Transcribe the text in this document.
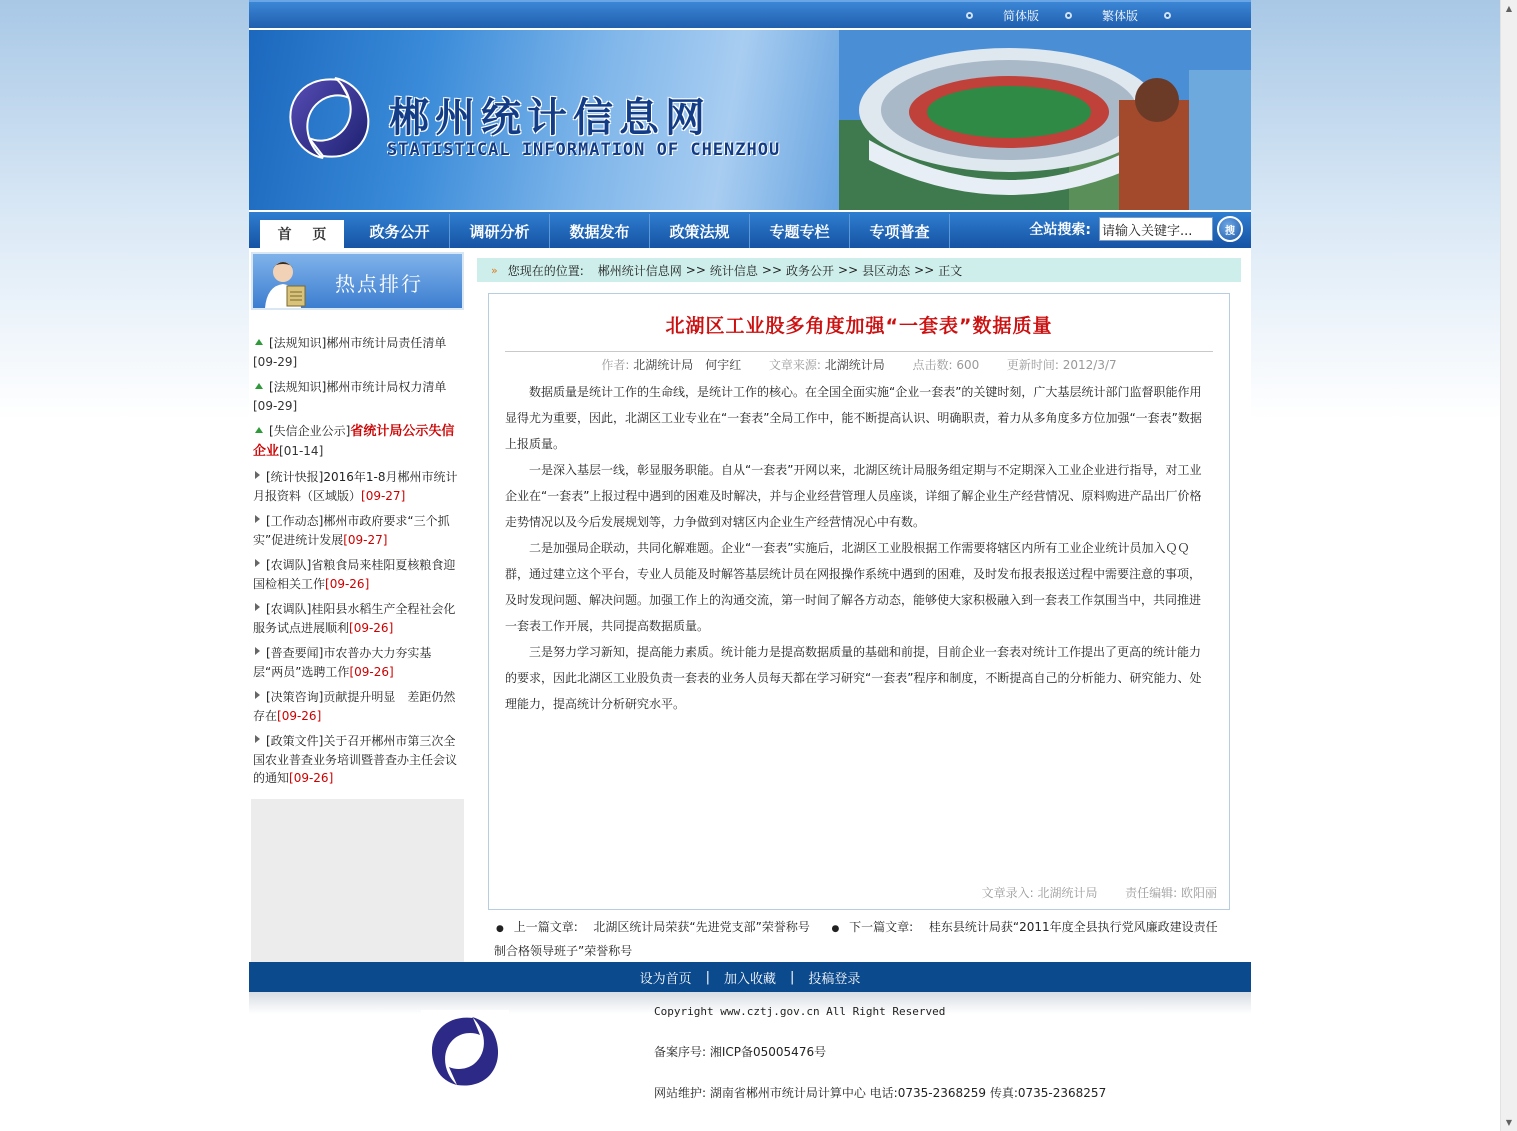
▲
▼
简体版	繁体版
郴州统计信息网
STATISTICAL INFORMATION OF CHENZHOU
首 页	政务公开	调研分析	数据发布	政策法规	专题专栏	专项普查	全站搜索:
请输入关键字...	搜
热点排行
[法规知识]郴州市统计局责任清单[09-29]
[法规知识]郴州市统计局权力清单[09-29]
[失信企业公示]省统计局公示失信企业[01-14]
[统计快报]2016年1-8月郴州市统计月报资料（区域版）[09-27]
[工作动态]郴州市政府要求“三个抓实”促进统计发展[09-27]
[农调队]省粮食局来桂阳夏核粮食迎国检相关工作[09-26]
[农调队]桂阳县水稻生产全程社会化服务试点进展顺利[09-26]
[普查要闻]市农普办大力夯实基层“两员”选聘工作[09-26]
[决策咨询]贡献提升明显　差距仍然存在[09-26]
[政策文件]关于召开郴州市第三次全国农业普查业务培训暨普查办主任会议的通知[09-26]
» 您现在的位置: 郴州统计信息网 >> 统计信息 >> 政务公开 >> 县区动态 >> 正文
北湖区工业股多角度加强“一套表”数据质量
作者: 北湖统计局　何宇红 文章来源: 北湖统计局 点击数: 600 更新时间: 2012/3/7

数据质量是统计工作的生命线，是统计工作的核心。在全国全面实施“企业一套表”的关键时刻，广大基层统计部门监督职能作用显得尤为重要，因此，北湖区工业专业在“一套表”全局工作中，能不断提高认识、明确职责，着力从多角度多方位加强“一套表”数据上报质量。

一是深入基层一线，彰显服务职能。自从“一套表”开网以来，北湖区统计局服务组定期与不定期深入工业企业进行指导，对工业企业在“一套表”上报过程中遇到的困难及时解决，并与企业经营管理人员座谈，详细了解企业生产经营情况、原料购进产品出厂价格走势情况以及今后发展规划等，力争做到对辖区内企业生产经营情况心中有数。

二是加强局企联动，共同化解难题。企业“一套表”实施后，北湖区工业股根据工作需要将辖区内所有工业企业统计员加入ＱＱ群，通过建立这个平台，专业人员能及时解答基层统计员在网报操作系统中遇到的困难，及时发布报表报送过程中需要注意的事项，及时发现问题、解决问题。加强工作上的沟通交流，第一时间了解各方动态，能够使大家积极融入到一套表工作氛围当中，共同推进一套表工作开展，共同提高数据质量。

三是努力学习新知，提高能力素质。统计能力是提高数据质量的基础和前提，目前企业一套表对统计工作提出了更高的统计能力的要求，因此北湖区工业股负责一套表的业务人员每天都在学习研究“一套表”程序和制度，不断提高自己的分析能力、研究能力、处理能力，提高统计分析研究水平。

文章录入: 北湖统计局 责任编辑: 欧阳丽
● 上一篇文章: 北湖区统计局荣获“先进党支部”荣誉称号 ● 下一篇文章: 桂东县统计局获“2011年度全县执行党风廉政建设责任制合格领导班子”荣誉称号
设为首页 | 加入收藏 | 投稿登录
Copyright www.cztj.gov.cn All Right Reserved
备案序号: 湘ICP备05005476号
网站维护: 湖南省郴州市统计局计算中心 电话:0735-2368259 传真:0735-2368257
